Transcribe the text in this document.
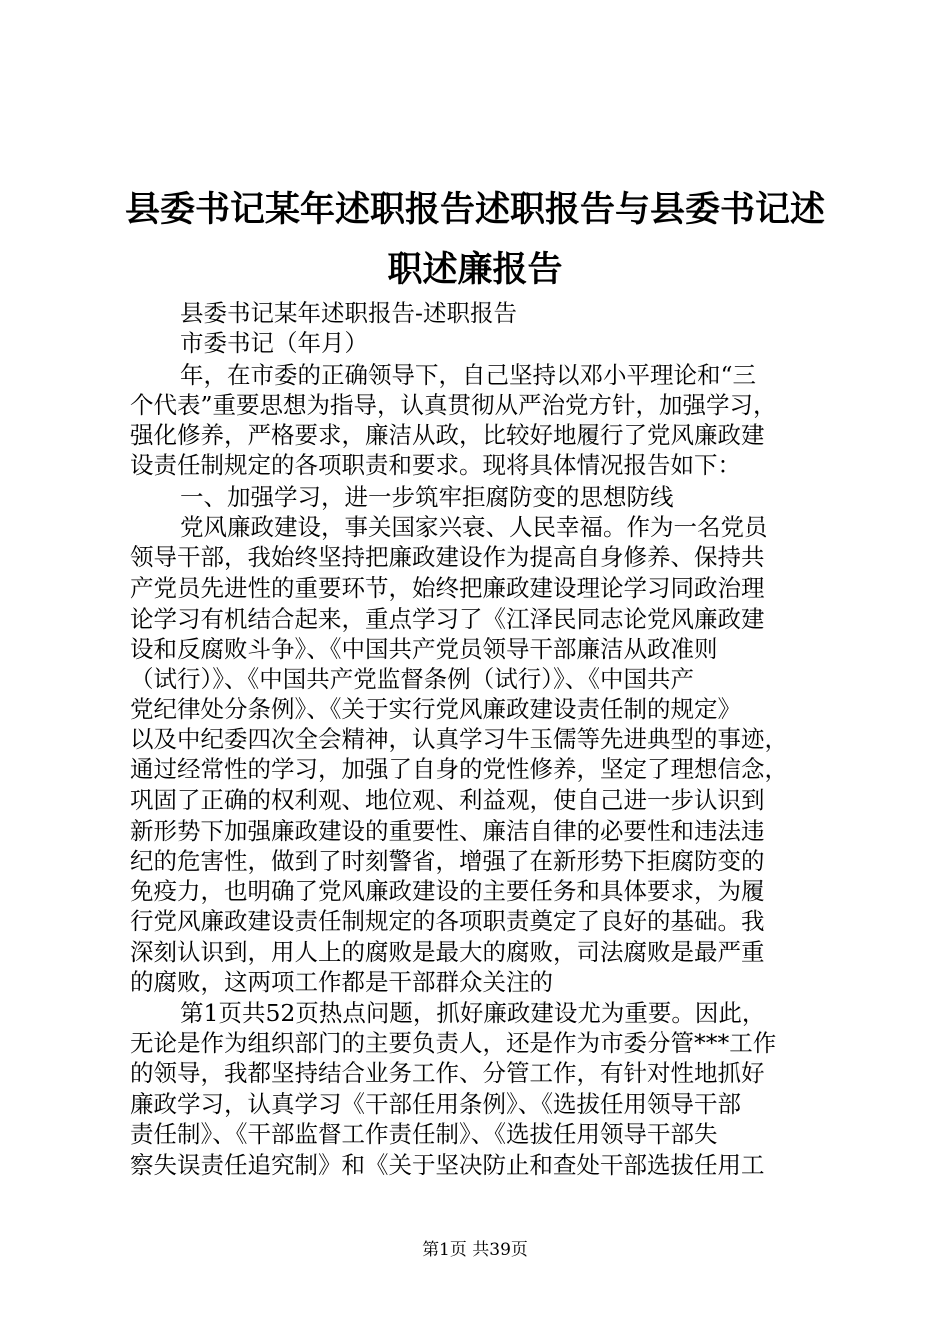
县委书记某年述职报告述职报告与县委书记述
职述廉报告
县委书记某年述职报告-述职报告
市委书记（年月）
年，在市委的正确领导下，自己坚持以邓小平理论和“三
个代表”重要思想为指导，认真贯彻从严治党方针，加强学习，
强化修养，严格要求，廉洁从政，比较好地履行了党风廉政建
设责任制规定的各项职责和要求。现将具体情况报告如下：
一、加强学习，进一步筑牢拒腐防变的思想防线
党风廉政建设，事关国家兴衰、人民幸福。作为一名党员
领导干部，我始终坚持把廉政建设作为提高自身修养、保持共
产党员先进性的重要环节，始终把廉政建设理论学习同政治理
论学习有机结合起来，重点学习了《江泽民同志论党风廉政建
设和反腐败斗争》、《中国共产党员领导干部廉洁从政准则
（试行）》、《中国共产党监督条例（试行）》、《中国共产
党纪律处分条例》、《关于实行党风廉政建设责任制的规定》
以及中纪委四次全会精神，认真学习牛玉儒等先进典型的事迹，
通过经常性的学习，加强了自身的党性修养，坚定了理想信念，
巩固了正确的权利观、地位观、利益观，使自己进一步认识到
新形势下加强廉政建设的重要性、廉洁自律的必要性和违法违
纪的危害性，做到了时刻警省，增强了在新形势下拒腐防变的
免疫力，也明确了党风廉政建设的主要任务和具体要求，为履
行党风廉政建设责任制规定的各项职责奠定了良好的基础。我
深刻认识到，用人上的腐败是最大的腐败，司法腐败是最严重
的腐败，这两项工作都是干部群众关注的
第1页共52页热点问题，抓好廉政建设尤为重要。因此，
无论是作为组织部门的主要负责人，还是作为市委分管***工作
的领导，我都坚持结合业务工作、分管工作，有针对性地抓好
廉政学习，认真学习《干部任用条例》、《选拔任用领导干部
责任制》、《干部监督工作责任制》、《选拔任用领导干部失
察失误责任追究制》和《关于坚决防止和查处干部选拔任用工
第1页 共39页
